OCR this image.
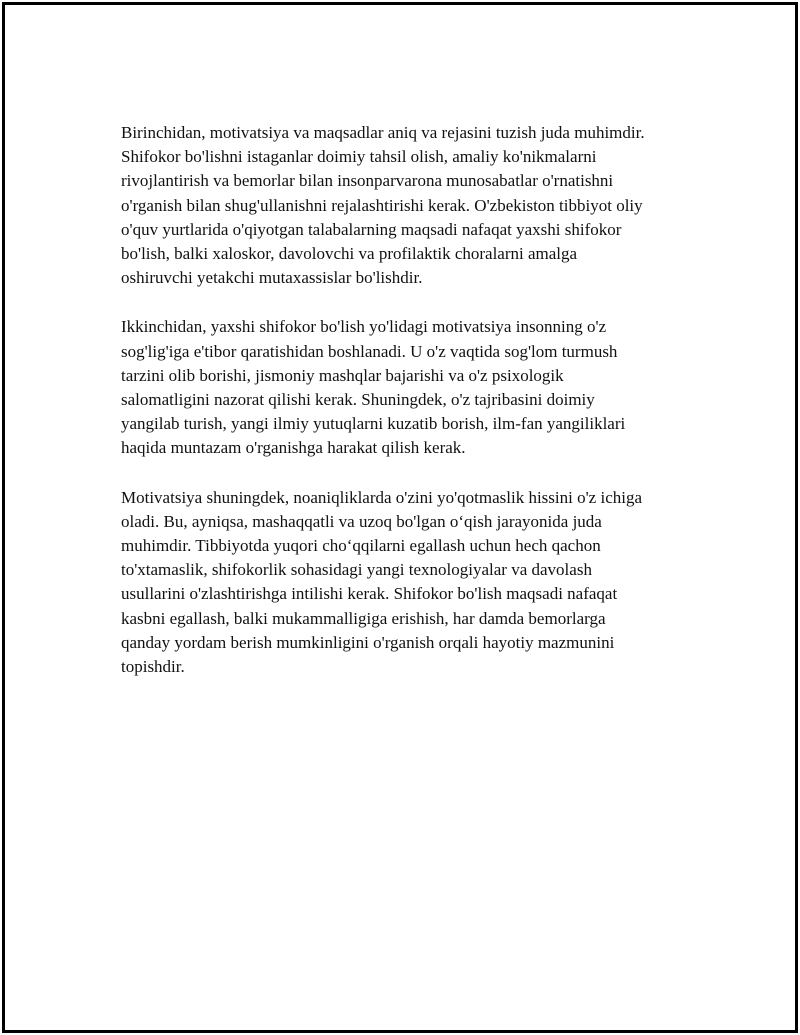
Birinchidan, motivatsiya va maqsadlar aniq va rejasini tuzish juda muhimdir.
Shifokor bo'lishni istaganlar doimiy tahsil olish, amaliy ko'nikmalarni
rivojlantirish va bemorlar bilan insonparvarona munosabatlar o'rnatishni
o'rganish bilan shug'ullanishni rejalashtirishi kerak. O'zbekiston tibbiyot oliy
o'quv yurtlarida o'qiyotgan talabalarning maqsadi nafaqat yaxshi shifokor
bo'lish, balki xaloskor, davolovchi va profilaktik choralarni amalga
oshiruvchi yetakchi mutaxassislar bo'lishdir.

Ikkinchidan, yaxshi shifokor bo'lish yo'lidagi motivatsiya insonning o'z
sog'lig'iga e'tibor qaratishidan boshlanadi. U o'z vaqtida sog'lom turmush
tarzini olib borishi, jismoniy mashqlar bajarishi va o'z psixologik
salomatligini nazorat qilishi kerak. Shuningdek, o'z tajribasini doimiy
yangilab turish, yangi ilmiy yutuqlarni kuzatib borish, ilm-fan yangiliklari
haqida muntazam o'rganishga harakat qilish kerak.

Motivatsiya shuningdek, noaniqliklarda o'zini yo'qotmaslik hissini o'z ichiga
oladi. Bu, ayniqsa, mashaqqatli va uzoq bo'lgan o‘qish jarayonida juda
muhimdir. Tibbiyotda yuqori cho‘qqilarni egallash uchun hech qachon
to'xtamaslik, shifokorlik sohasidagi yangi texnologiyalar va davolash
usullarini o'zlashtirishga intilishi kerak. Shifokor bo'lish maqsadi nafaqat
kasbni egallash, balki mukammalligiga erishish, har damda bemorlarga
qanday yordam berish mumkinligini o'rganish orqali hayotiy mazmunini
topishdir.
